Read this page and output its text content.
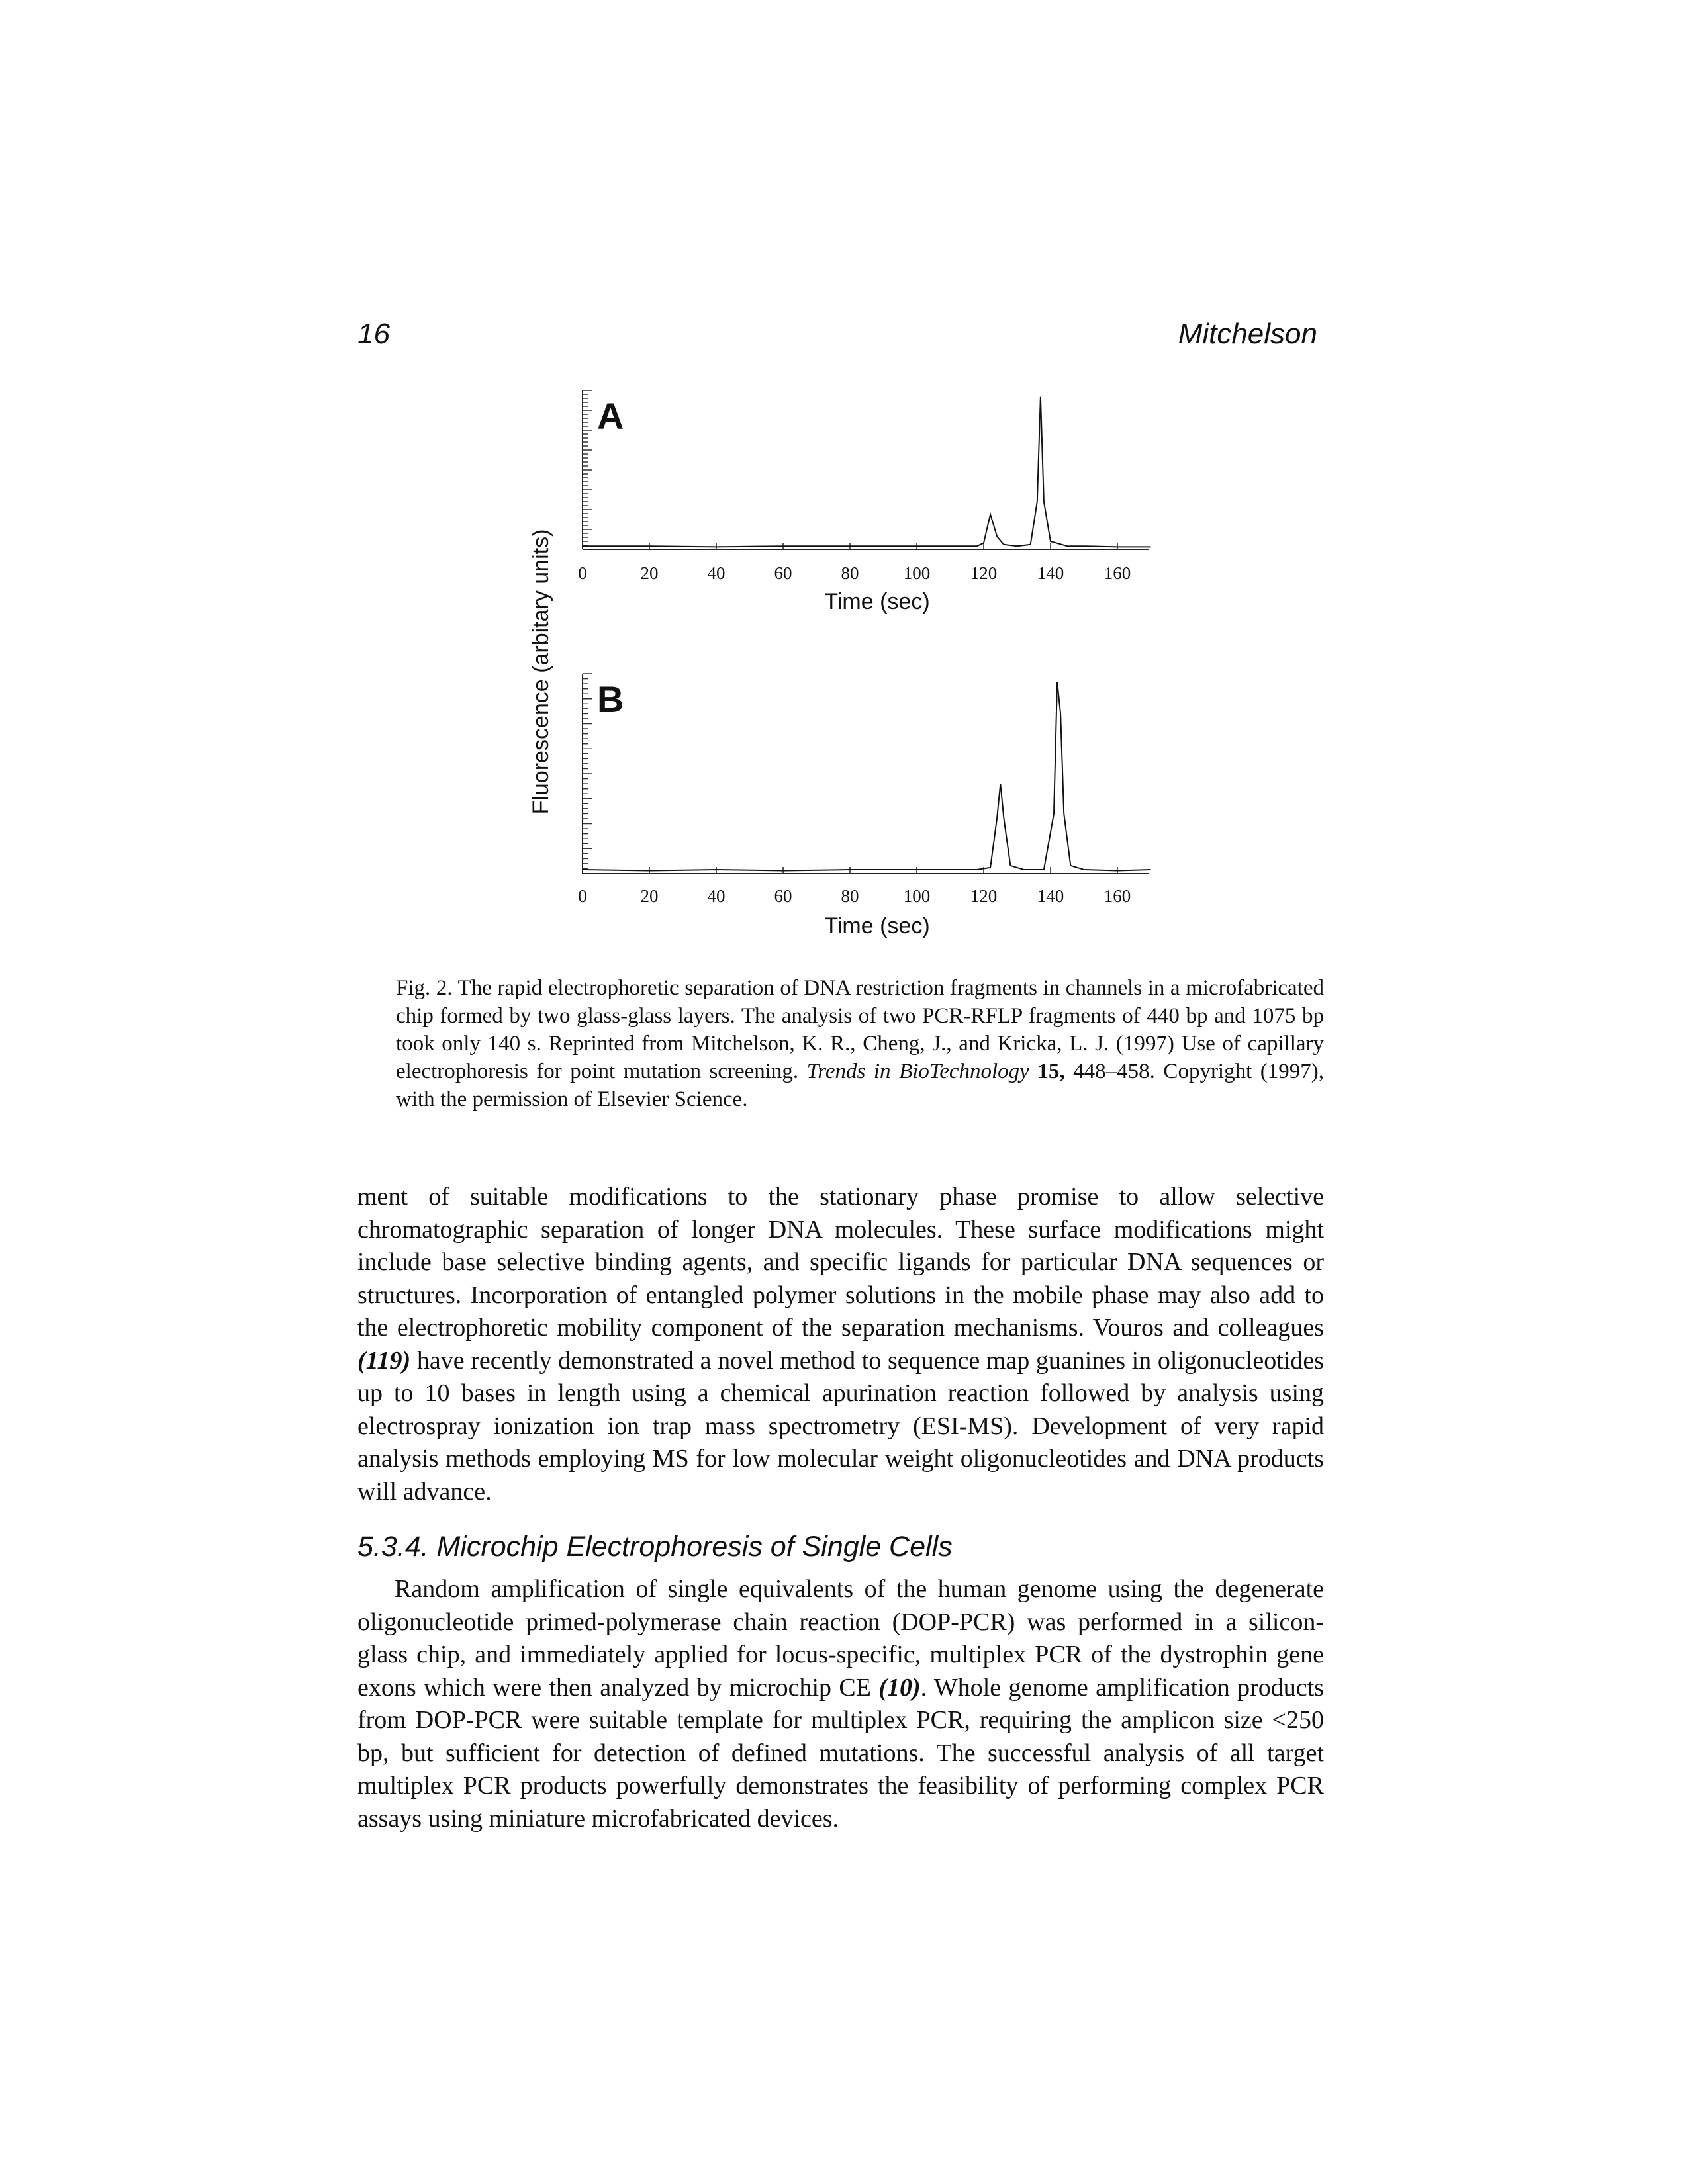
16	Mitchelson
Fluorescence (arbitary units) 0	20	40	60	80 100 120 140 160
Time (sec)
A
0	20	40	60	80 100 120 140 160
Time (sec)
B
Fig. 2. The rapid electrophoretic separation of DNA restriction fragments in channels in a microfabricated chip formed by two glass-glass layers. The analysis of two PCR-RFLP fragments of 440 bp and 1075 bp took only 140 s. Reprinted from Mitchelson, K. R., Cheng, J., and Kricka, L. J. (1997) Use of capillary electrophoresis for point mutation screening. Trends in BioTechnology 15, 448–458. Copyright (1997), with the permission of Elsevier Science.

ment of suitable modifications to the stationary phase promise to allow selective chromatographic separation of longer DNA molecules. These surface modifications might include base selective binding agents, and specific ligands for particular DNA sequences or structures. Incorporation of entangled polymer solutions in the mobile phase may also add to the electrophoretic mobility component of the separation mechanisms. Vouros and colleagues (119) have recently demonstrated a novel method to sequence map guanines in oligonucleotides up to 10 bases in length using a chemical apurination reaction followed by analysis using electrospray ionization ion trap mass spectrometry (ESI-MS). Development of very rapid analysis methods employing MS for low molecular weight oligonucleotides and DNA products will advance.

5.3.4. Microchip Electrophoresis of Single Cells

Random amplification of single equivalents of the human genome using the degenerate oligonucleotide primed-polymerase chain reaction (DOP-PCR) was performed in a silicon-glass chip, and immediately applied for locus-specific, multiplex PCR of the dystrophin gene exons which were then analyzed by microchip CE (10). Whole genome amplification products from DOP-PCR were suitable template for multiplex PCR, requiring the amplicon size <250 bp, but sufficient for detection of defined mutations. The successful analysis of all target multiplex PCR products powerfully demonstrates the feasibility of performing complex PCR assays using miniature microfabricated devices.
